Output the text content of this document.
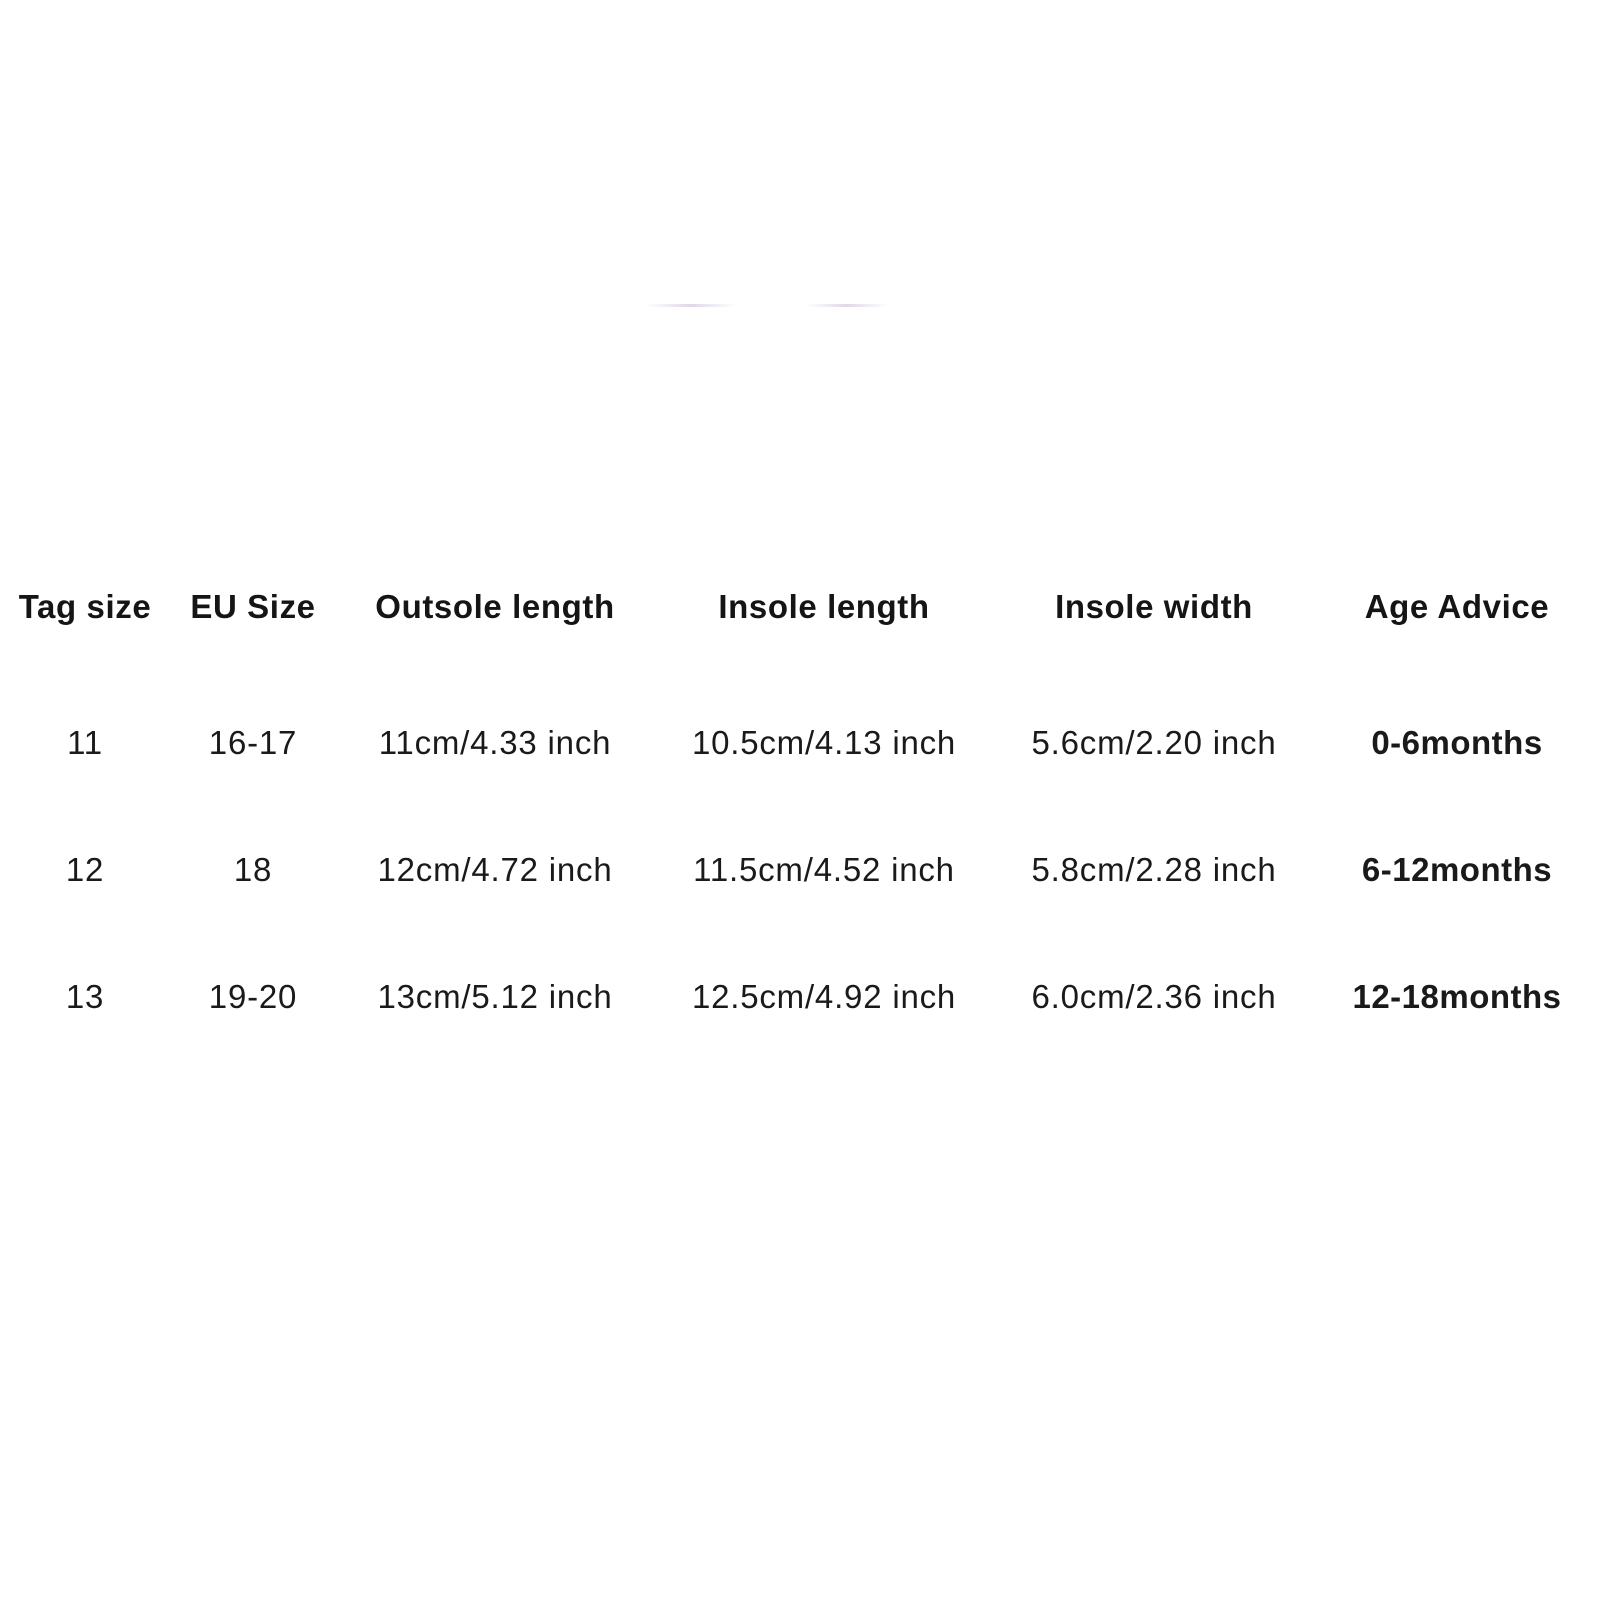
Tag size	EU Size	Outsole length	Insole length	Insole width	Age Advice

11	16-17	11cm/4.33 inch	10.5cm/4.13 inch	5.6cm/2.20 inch	0-6months
12	18	12cm/4.72 inch	11.5cm/4.52 inch	5.8cm/2.28 inch	6-12months
13	19-20	13cm/5.12 inch	12.5cm/4.92 inch	6.0cm/2.36 inch	12-18months
